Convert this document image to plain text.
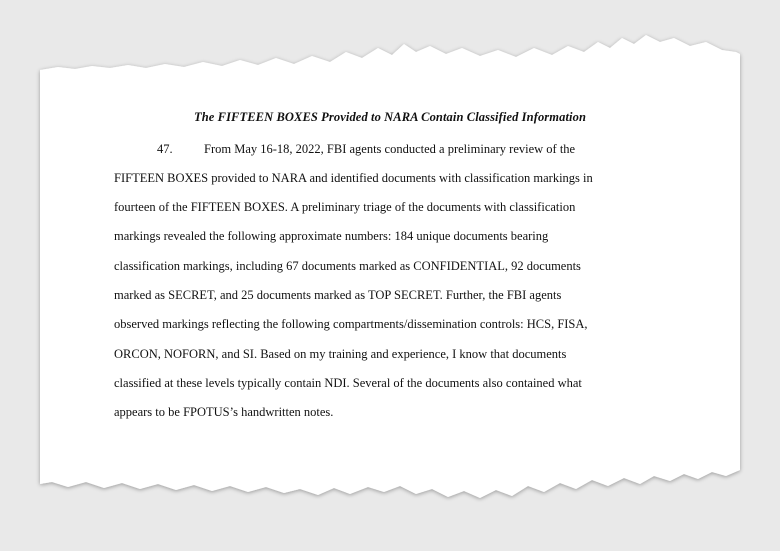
The FIFTEEN BOXES Provided to NARA Contain Classified Information
47.	From May 16-18, 2022, FBI agents conducted a preliminary review of the
FIFTEEN BOXES provided to NARA and identified documents with classification markings in
fourteen of the FIFTEEN BOXES. A preliminary triage of the documents with classification
markings revealed the following approximate numbers: 184 unique documents bearing
classification markings, including 67 documents marked as CONFIDENTIAL, 92 documents
marked as SECRET, and 25 documents marked as TOP SECRET. Further, the FBI agents
observed markings reflecting the following compartments/dissemination controls: HCS, FISA,
ORCON, NOFORN, and SI. Based on my training and experience, I know that documents
classified at these levels typically contain NDI. Several of the documents also contained what
appears to be FPOTUS’s handwritten notes.
